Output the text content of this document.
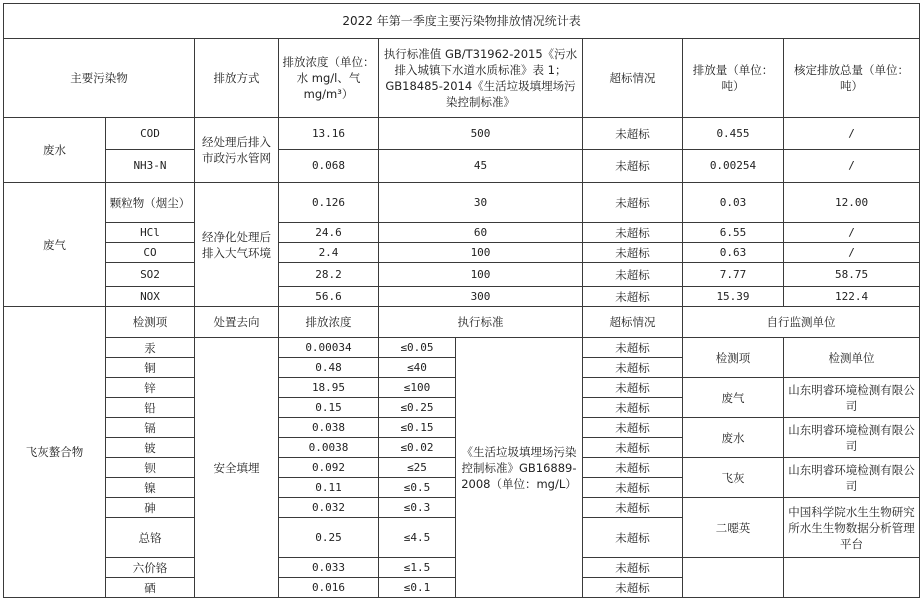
2022 年第一季度主要污染物排放情况统计表								
主要污染物		排放方式	排放浓度（单位：水 mg/l、气 mg/m³）	执行标准值 GB/T31962-2015《污水排入城镇下水道水质标准》表 1；GB18485-2014《生活垃圾填埋场污染控制标准》		超标情况	排放量（单位：吨）	核定排放总量（单位：吨）
废水	COD	经处理后排入市政污水管网	13.16	500		未超标	0.455	/
	NH3-N		0.068	45		未超标	0.00254	/
废气	颗粒物（烟尘）	经净化处理后排入大气环境	0.126	30		未超标	0.03	12.00
	HCl		24.6	60		未超标	6.55	/
	CO		2.4	100		未超标	0.63	/
	SO2		28.2	100		未超标	7.77	58.75
	NOX		56.6	300		未超标	15.39	122.4
飞灰螯合物	检测项	处置去向	排放浓度	执行标准		超标情况	自行监测单位	
	汞	安全填埋	0.00034	≤0.05	《生活垃圾填埋场污染控制标准》GB16889-2008（单位：mg/L）	未超标	检测项	检测单位
	铜		0.48	≤40		未超标		
	锌		18.95	≤100		未超标	废气	山东明睿环境检测有限公司
	铅		0.15	≤0.25		未超标		
	镉		0.038	≤0.15		未超标	废水	山东明睿环境检测有限公司
	铍		0.0038	≤0.02		未超标		
	钡		0.092	≤25		未超标	飞灰	山东明睿环境检测有限公司
	镍		0.11	≤0.5		未超标		
	砷		0.032	≤0.3		未超标	二噁英	中国科学院水生生物研究所水生生物数据分析管理平台
	总铬		0.25	≤4.5		未超标		
	六价铬		0.033	≤1.5		未超标		
	硒		0.016	≤0.1		未超标		
